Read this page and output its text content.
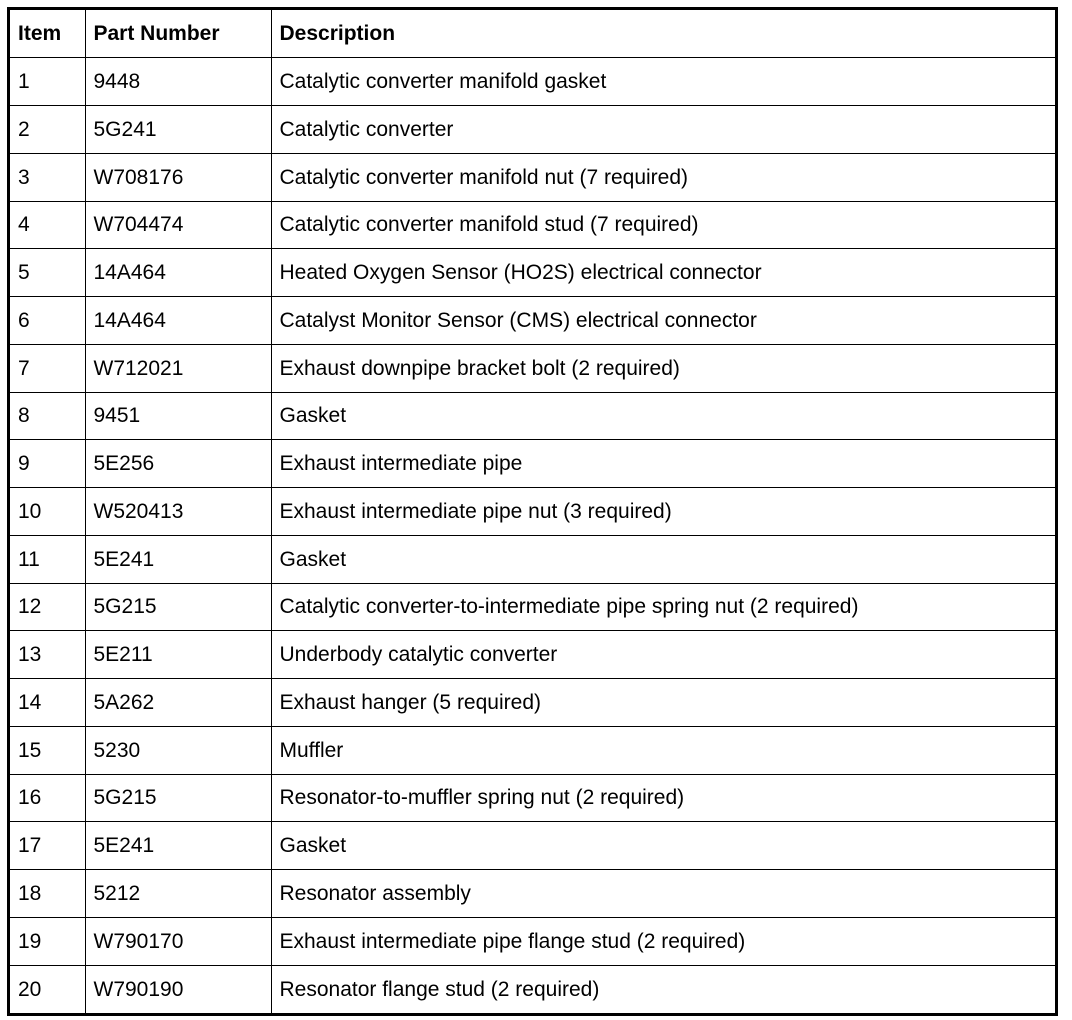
Item	Part Number	Description
1	9448	Catalytic converter manifold gasket
2	5G241	Catalytic converter
3	W708176	Catalytic converter manifold nut (7 required)
4	W704474	Catalytic converter manifold stud (7 required)
5	14A464	Heated Oxygen Sensor (HO2S) electrical connector
6	14A464	Catalyst Monitor Sensor (CMS) electrical connector
7	W712021	Exhaust downpipe bracket bolt (2 required)
8	9451	Gasket
9	5E256	Exhaust intermediate pipe
10	W520413	Exhaust intermediate pipe nut (3 required)
11	5E241	Gasket
12	5G215	Catalytic converter-to-intermediate pipe spring nut (2 required)
13	5E211	Underbody catalytic converter
14	5A262	Exhaust hanger (5 required)
15	5230	Muffler
16	5G215	Resonator-to-muffler spring nut (2 required)
17	5E241	Gasket
18	5212	Resonator assembly
19	W790170	Exhaust intermediate pipe flange stud (2 required)
20	W790190	Resonator flange stud (2 required)
